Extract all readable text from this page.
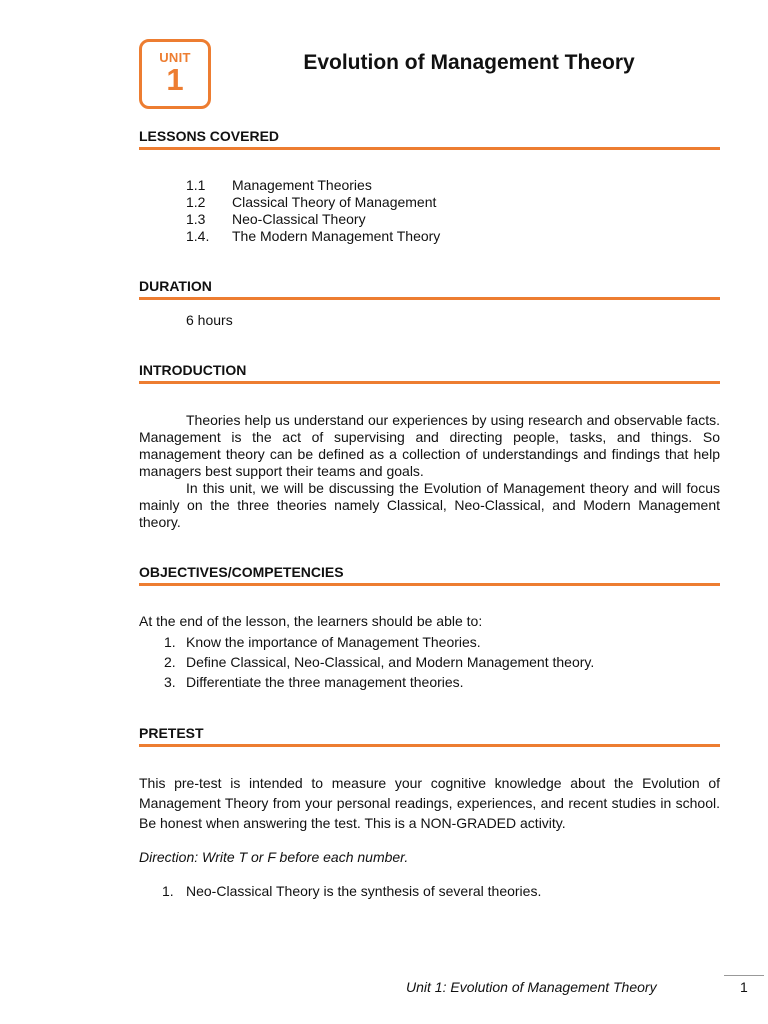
UNIT
1	Evolution of Management Theory
LESSONS COVERED
1.1	Management Theories
1.2	Classical Theory of Management
1.3	Neo-Classical Theory
1.4.	The Modern Management Theory
DURATION
6 hours
INTRODUCTION

Theories help us understand our experiences by using research and observable facts. Management is the act of supervising and directing people, tasks, and things. So management theory can be defined as a collection of understandings and findings that help managers best support their teams and goals.

In this unit, we will be discussing the Evolution of Management theory and will focus mainly on the three theories namely Classical, Neo-Classical, and Modern Management theory.

OBJECTIVES/COMPETENCIES
At the end of the lesson, the learners should be able to:
1. Know the importance of Management Theories.
2. Define Classical, Neo-Classical, and Modern Management theory.
3. Differentiate the three management theories.
PRETEST

This pre-test is intended to measure your cognitive knowledge about the Evolution of Management Theory from your personal readings, experiences, and recent studies in school. Be honest when answering the test. This is a NON-GRADED activity.

Direction: Write T or F before each number.

1. Neo-Classical Theory is the synthesis of several theories.
Unit 1: Evolution of Management Theory	1
